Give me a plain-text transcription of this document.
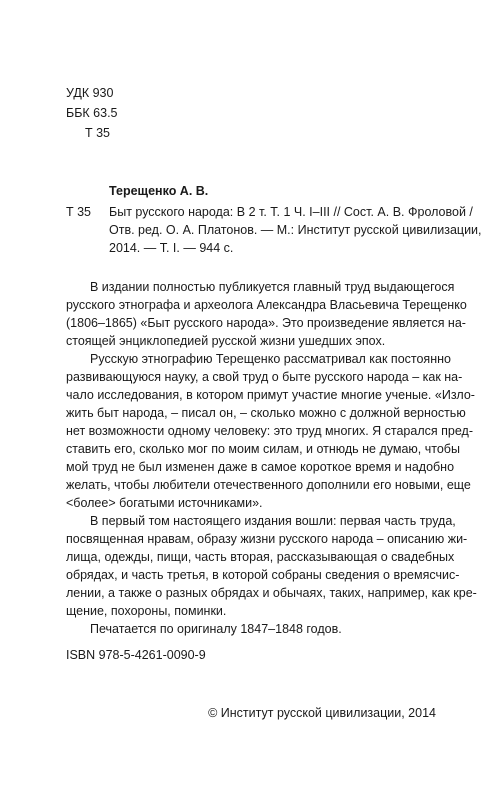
УДК 930
ББК 63.5
Т 35
Терещенко А. В.
Т 35 Быт русского народа: В 2 т. Т. 1 Ч. I–III // Сост. А. В. Фроловой /
Отв. ред. О. А. Платонов. — М.: Институт русской цивилизации,
2014. — Т. I. — 944 с.
В издании полностью публикуется главный труд выдающегося
русского этнографа и археолога Александра Власьевича Терещенко
(1806–1865) «Быт русского народа». Это произведение является на-
стоящей энциклопедией русской жизни ушедших эпох.
Русскую этнографию Терещенко рассматривал как постоянно
развивающуюся науку, а свой труд о быте русского народа – как на-
чало исследования, в котором примут участие многие ученые. «Изло-
жить быт народа, – писал он, – сколько можно с должной верностью
нет возможности одному человеку: это труд многих. Я старался пред-
ставить его, сколько мог по моим силам, и отнюдь не думаю, чтобы
мой труд не был изменен даже в самое короткое время и надобно
желать, чтобы любители отечественного дополнили его новыми, еще
<более> богатыми источниками».
В первый том настоящего издания вошли: первая часть труда,
посвященная нравам, образу жизни русского народа – описанию жи-
лища, одежды, пищи, часть вторая, рассказывающая о свадебных
обрядах, и часть третья, в которой собраны сведения о времясчис-
лении, а также о разных обрядах и обычаях, таких, например, как кре-
щение, похороны, поминки.
Печатается по оригиналу 1847–1848 годов.
ISBN 978-5-4261-0090-9
© Институт русской цивилизации, 2014
